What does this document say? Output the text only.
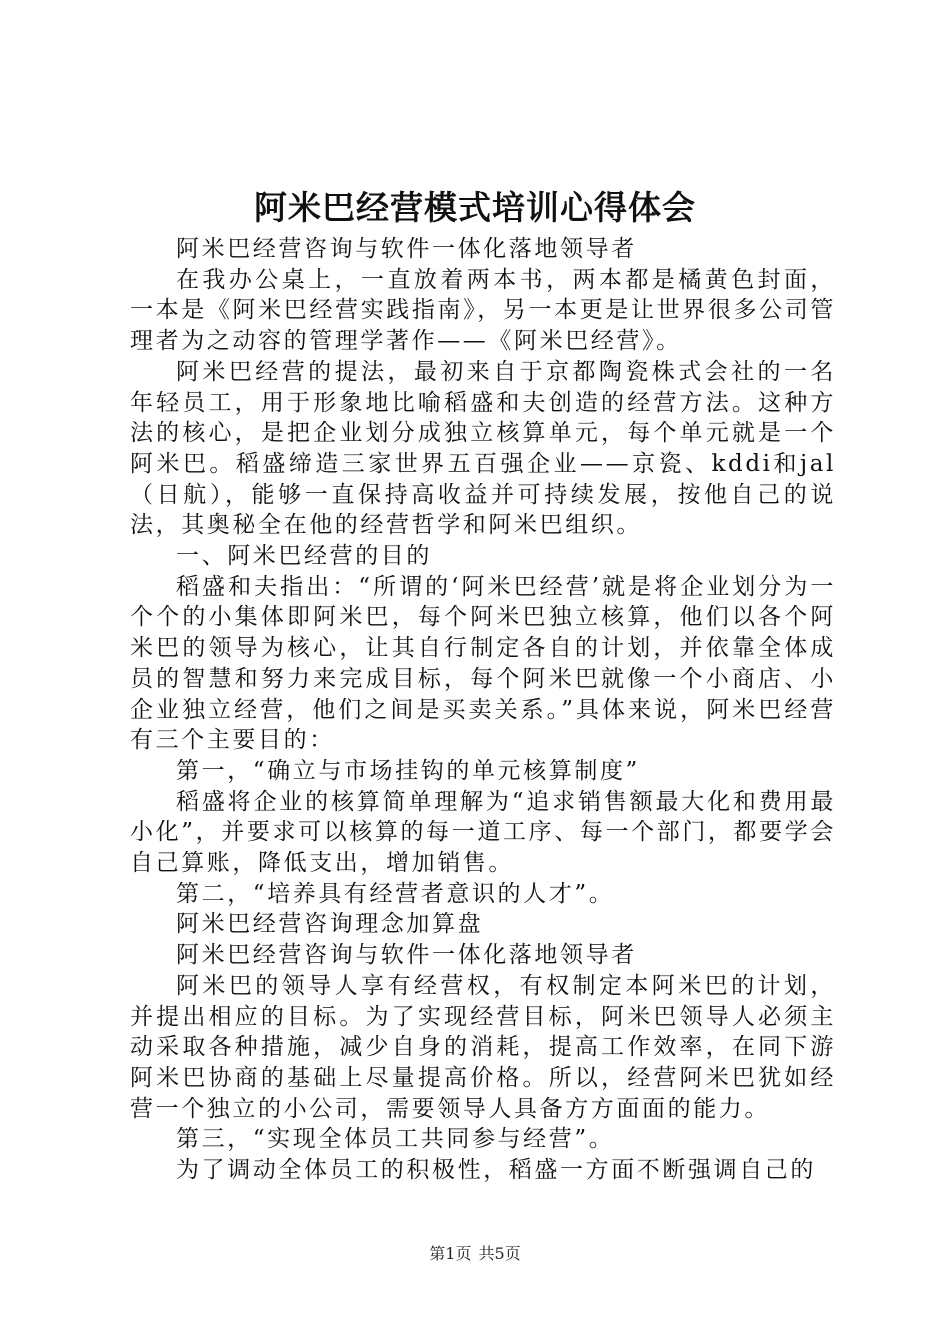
阿米巴经营模式培训心得体会

阿米巴经营咨询与软件一体化落地领导者

在我办公桌上，一直放着两本书，两本都是橘黄色封面，一本是《阿米巴经营实践指南》，另一本更是让世界很多公司管理者为之动容的管理学著作——《阿米巴经营》。

阿米巴经营的提法，最初来自于京都陶瓷株式会社的一名年轻员工，用于形象地比喻稻盛和夫创造的经营方法。这种方法的核心，是把企业划分成独立核算单元，每个单元就是一个阿米巴。稻盛缔造三家世界五百强企业——京瓷、kddi和jal（日航），能够一直保持高收益并可持续发展，按他自己的说法，其奥秘全在他的经营哲学和阿米巴组织。

一、阿米巴经营的目的

稻盛和夫指出：“所谓的‘阿米巴经营’就是将企业划分为一个个的小集体即阿米巴，每个阿米巴独立核算，他们以各个阿米巴的领导为核心，让其自行制定各自的计划，并依靠全体成员的智慧和努力来完成目标，每个阿米巴就像一个小商店、小企业独立经营，他们之间是买卖关系。”具体来说，阿米巴经营有三个主要目的：

第一，“确立与市场挂钩的单元核算制度”

稻盛将企业的核算简单理解为“追求销售额最大化和费用最小化”，并要求可以核算的每一道工序、每一个部门，都要学会自己算账，降低支出，增加销售。

第二，“培养具有经营者意识的人才”。

阿米巴经营咨询理念加算盘

阿米巴经营咨询与软件一体化落地领导者

阿米巴的领导人享有经营权，有权制定本阿米巴的计划，并提出相应的目标。为了实现经营目标，阿米巴领导人必须主动采取各种措施，减少自身的消耗，提高工作效率，在同下游阿米巴协商的基础上尽量提高价格。所以，经营阿米巴犹如经营一个独立的小公司，需要领导人具备方方面面的能力。

第三，“实现全体员工共同参与经营”。

为了调动全体员工的积极性，稻盛一方面不断强调自己的

第1页 共5页
